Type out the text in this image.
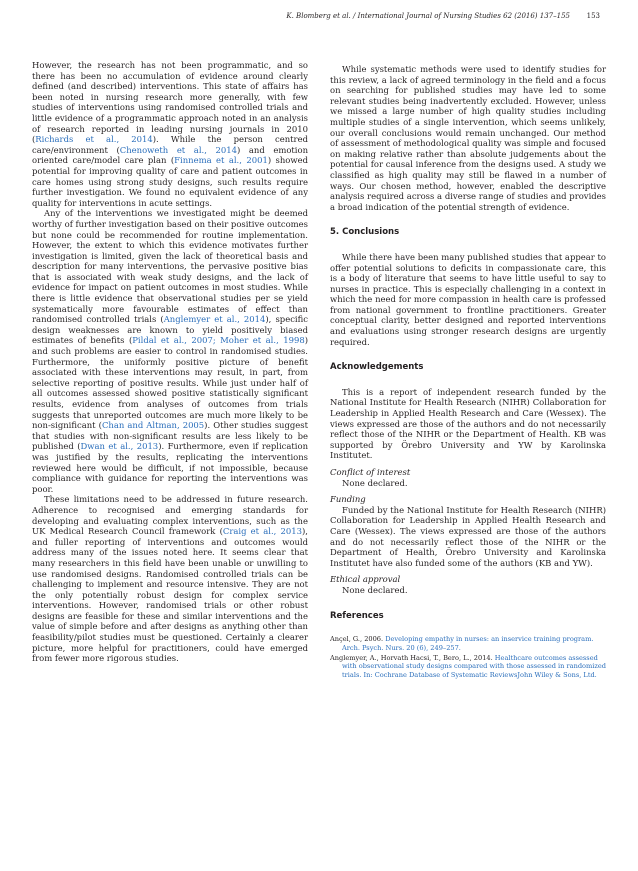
K. Blomberg et al. / International Journal of Nursing Studies 62 (2016) 137–155 153

However, the research has not been programmatic, and so there has been no accumulation of evidence around clearly defined (and described) interventions. This state of affairs has been noted in nursing research more generally, with few studies of interventions using randomised controlled trials and little evidence of a programmatic approach noted in an analysis of research reported in leading nursing journals in 2010 (Richards et al., 2014). While the person centred care/environment (Chenoweth et al., 2014) and emotion oriented care/model care plan (Finnema et al., 2001) showed potential for improving quality of care and patient outcomes in care homes using strong study designs, such results require further investigation. We found no equivalent evidence of any quality for interventions in acute settings.

Any of the interventions we investigated might be deemed worthy of further investigation based on their positive outcomes but none could be recommended for routine implementation. However, the extent to which this evidence motivates further investigation is limited, given the lack of theoretical basis and description for many interventions, the pervasive positive bias that is associated with weak study designs, and the lack of evidence for impact on patient outcomes in most studies. While there is little evidence that observational studies per se yield systematically more favourable estimates of effect than randomised controlled trials (Anglemyer et al., 2014), specific design weaknesses are known to yield positively biased estimates of benefits (Pildal et al., 2007; Moher et al., 1998) and such problems are easier to control in randomised studies. Furthermore, the uniformly positive picture of benefit associated with these interventions may result, in part, from selective reporting of positive results. While just under half of all outcomes assessed showed positive statistically significant results, evidence from analyses of outcomes from trials suggests that unreported outcomes are much more likely to be non-significant (Chan and Altman, 2005). Other studies suggest that studies with non-significant results are less likely to be published (Dwan et al., 2013). Furthermore, even if replication was justified by the results, replicating the interventions reviewed here would be difficult, if not impossible, because compliance with guidance for reporting the interventions was poor.

These limitations need to be addressed in future research. Adherence to recognised and emerging standards for developing and evaluating complex interventions, such as the UK Medical Research Council framework (Craig et al., 2013), and fuller reporting of interventions and outcomes would address many of the issues noted here. It seems clear that many researchers in this field have been unable or unwilling to use randomised designs. Randomised controlled trials can be challenging to implement and resource intensive. They are not the only potentially robust design for complex service interventions. However, randomised trials or other robust designs are feasible for these and similar interventions and the value of simple before and after designs as anything other than feasibility/pilot studies must be questioned. Certainly a clearer picture, more helpful for practitioners, could have emerged from fewer more rigorous studies.

While systematic methods were used to identify studies for this review, a lack of agreed terminology in the field and a focus on searching for published studies may have led to some relevant studies being inadvertently excluded. However, unless we missed a large number of high quality studies including multiple studies of a single intervention, which seems unlikely, our overall conclusions would remain unchanged. Our method of assessment of methodological quality was simple and focused on making relative rather than absolute judgements about the potential for causal inference from the designs used. A study we classified as high quality may still be flawed in a number of ways. Our chosen method, however, enabled the descriptive analysis required across a diverse range of studies and provides a broad indication of the potential strength of evidence.

5. Conclusions

While there have been many published studies that appear to offer potential solutions to deficits in compassionate care, this is a body of literature that seems to have little useful to say to nurses in practice. This is especially challenging in a context in which the need for more compassion in health care is professed from national government to frontline practitioners. Greater conceptual clarity, better designed and reported interventions and evaluations using stronger research designs are urgently required.

Acknowledgements

This is a report of independent research funded by the National Institute for Health Research (NIHR) Collaboration for Leadership in Applied Health Research and Care (Wessex). The views expressed are those of the authors and do not necessarily reflect those of the NIHR or the Department of Health. KB was supported by Örebro University and YW by Karolinska Institutet.

Conflict of interest

None declared.

Funding

Funded by the National Institute for Health Research (NIHR) Collaboration for Leadership in Applied Health Research and Care (Wessex). The views expressed are those of the authors and do not necessarily reflect those of the NIHR or the Department of Health, Örebro University and Karolinska Institutet have also funded some of the authors (KB and YW).

Ethical approval

None declared.

References
Ançel, G., 2006. Developing empathy in nurses: an inservice training program. Arch. Psych. Nurs. 20 (6), 249–257.
Anglemyer, A., Horvath Hacsi, T., Bero, L., 2014. Healthcare outcomes assessed with observational study designs compared with those assessed in randomized trials. In: Cochrane Database of Systematic ReviewsJohn Wiley & Sons, Ltd.
